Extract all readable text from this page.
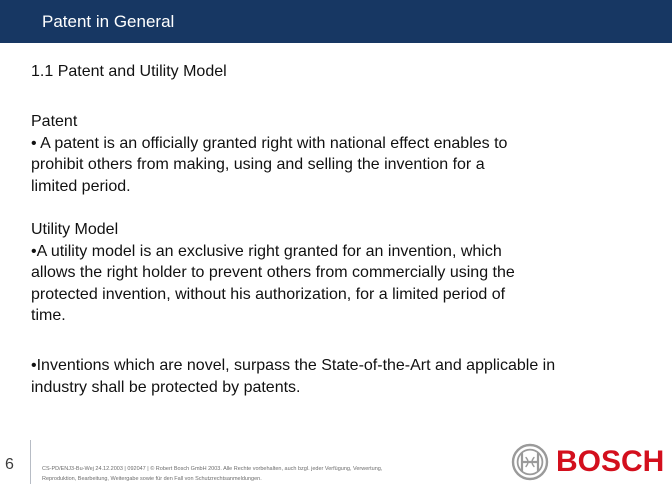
Patent in General
1.1 Patent and Utility Model
Patent
• A patent is an officially granted right with national effect enables to
prohibit others from making, using and selling the invention for a
limited period.
Utility Model
•A utility model is an exclusive right granted for an invention, which
allows the right holder to prevent others from commercially using the
protected invention, without his authorization, for a limited period of
time.
•Inventions which are novel, surpass the State-of-the-Art and applicable in
industry shall be protected by patents.
6	CS-PD/ENJ3-Bu-Wej 24.12.2003 | 092047 | © Robert Bosch GmbH 2003. Alle Rechte vorbehalten, auch bzgl. jeder Verfügung, Verwertung,
Reproduktion, Bearbeitung, Weitergabe sowie für den Fall von Schutzrechtsanmeldungen.
BOSCH
